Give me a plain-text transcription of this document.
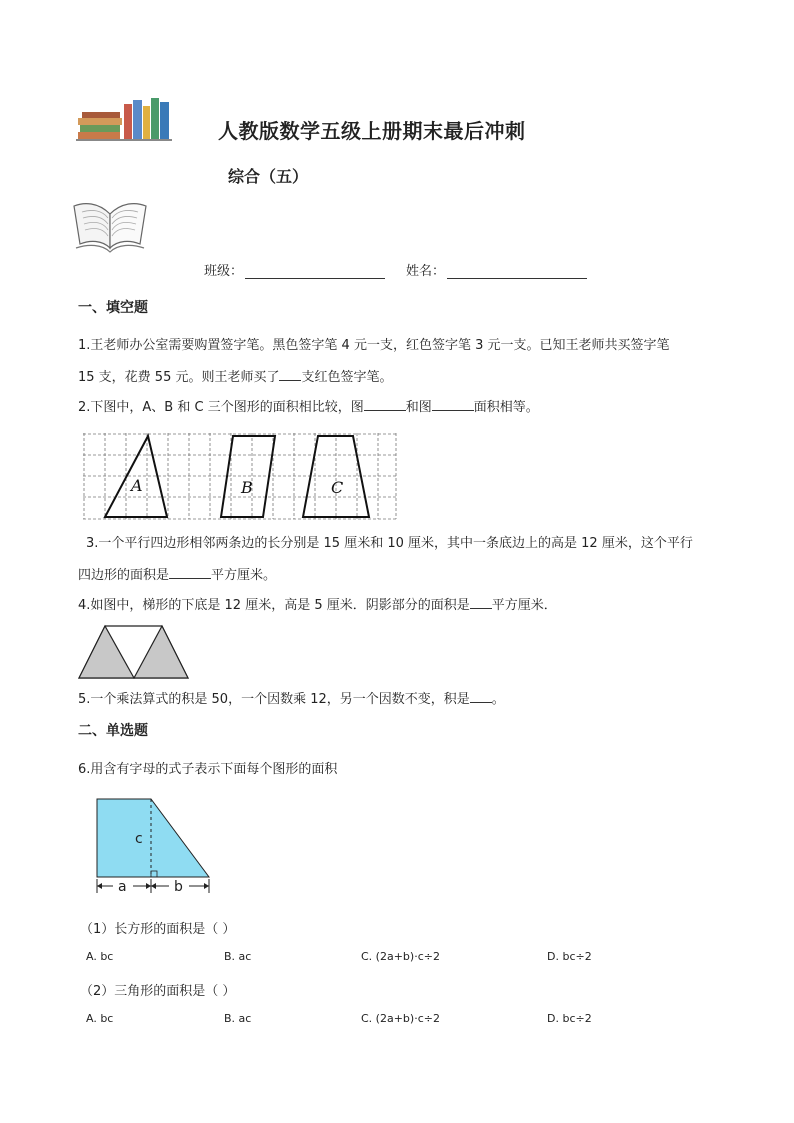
人教版数学五级上册期末最后冲刺
综合（五）
班级：	姓名：
一、填空题
1.王老师办公室需要购置签字笔。黑色签字笔 4 元一支，红色签字笔 3 元一支。已知王老师共买签字笔
15 支，花费 55 元。则王老师买了 支红色签字笔。
2.下图中，A、B 和 C 三个图形的面积相比较，图	和图	面积相等。
A	B	C
3.一个平行四边形相邻两条边的长分别是 15 厘米和 10 厘米，其中一条底边上的高是 12 厘米，这个平行
四边形的面积是	平方厘米。
4.如图中，梯形的下底是 12 厘米，高是 5 厘米．阴影部分的面积是 平方厘米．
5.一个乘法算式的积是 50，一个因数乘 12，另一个因数不变，积是 。
二、单选题
6.用含有字母的式子表示下面每个图形的面积
c
a	b
（1）长方形的面积是（ ）
A. bc	B. ac	C. (2a+b)·c÷2	D. bc÷2
（2）三角形的面积是（ ）
A. bc	B. ac	C. (2a+b)·c÷2	D. bc÷2
